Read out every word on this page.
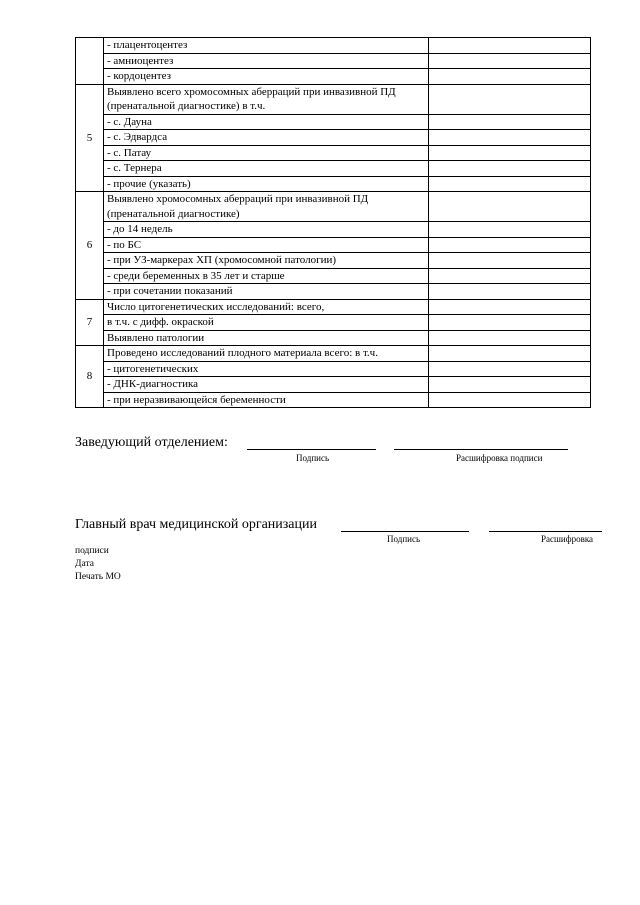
	- плацентоцентез	
	- амниоцентез	
	- кордоцентез	
5	Выявлено всего хромосомных аберраций при инвазивной ПД (пренатальной диагностике) в т.ч.	
	- с. Дауна	
	- с. Эдвардса	
	- с. Патау	
	- с. Тернера	
	- прочие (указать)	
6	Выявлено хромосомных аберраций при инвазивной ПД (пренатальной диагностике)	
	- до 14 недель	
	- по БС	
	- при УЗ-маркерах ХП (хромосомной патологии)	
	- среди беременных в 35 лет и старше	
	- при сочетании показаний	
7	Число цитогенетических исследований: всего,	
	в т.ч. с дифф. окраской	
	Выявлено патологии	
8	Проведено исследований плодного материала всего: в т.ч.	
	- цитогенетических	
	- ДНК-диагностика	
	- при неразвивающейся беременности	
Заведующий отделением:
Подпись	Расшифровка подписи
Главный врач медицинской организации
Подпись	Расшифровка
подписи
Дата
Печать МО
